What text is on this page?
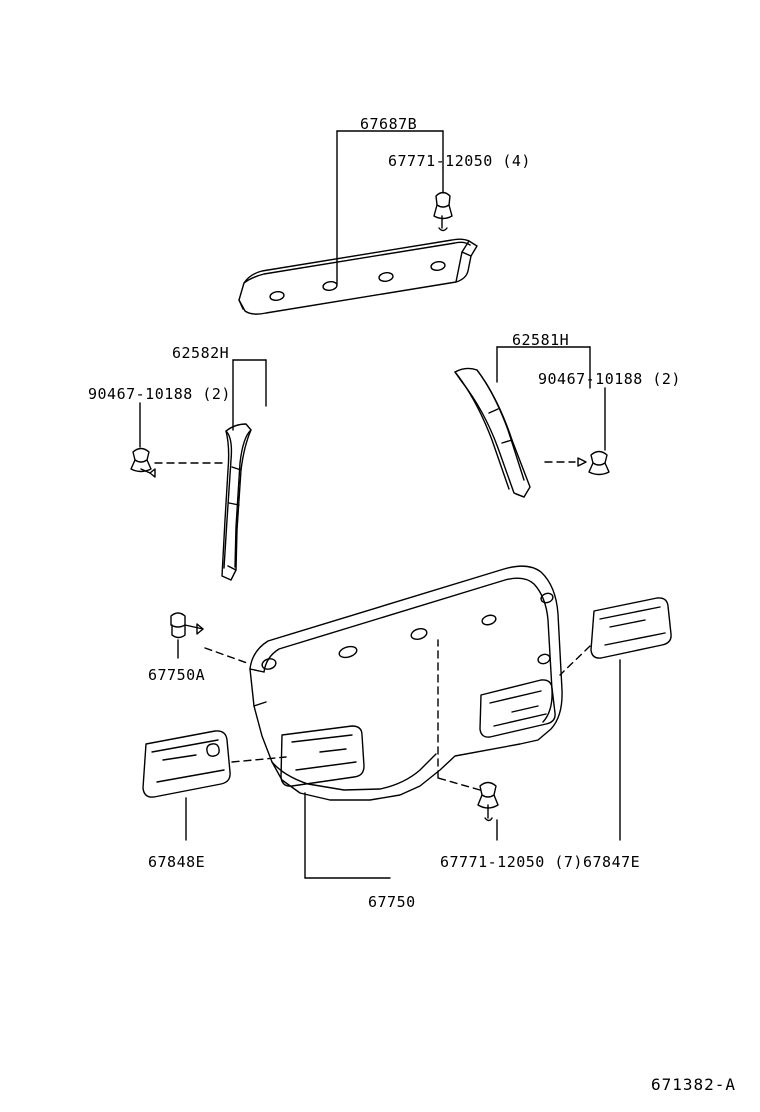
67687B
67771-12050 (4)
62582H
62581H
90467-10188 (2)
90467-10188 (2)
67750A
67848E	67771-12050 (7) 67847E
67750
671382-A
